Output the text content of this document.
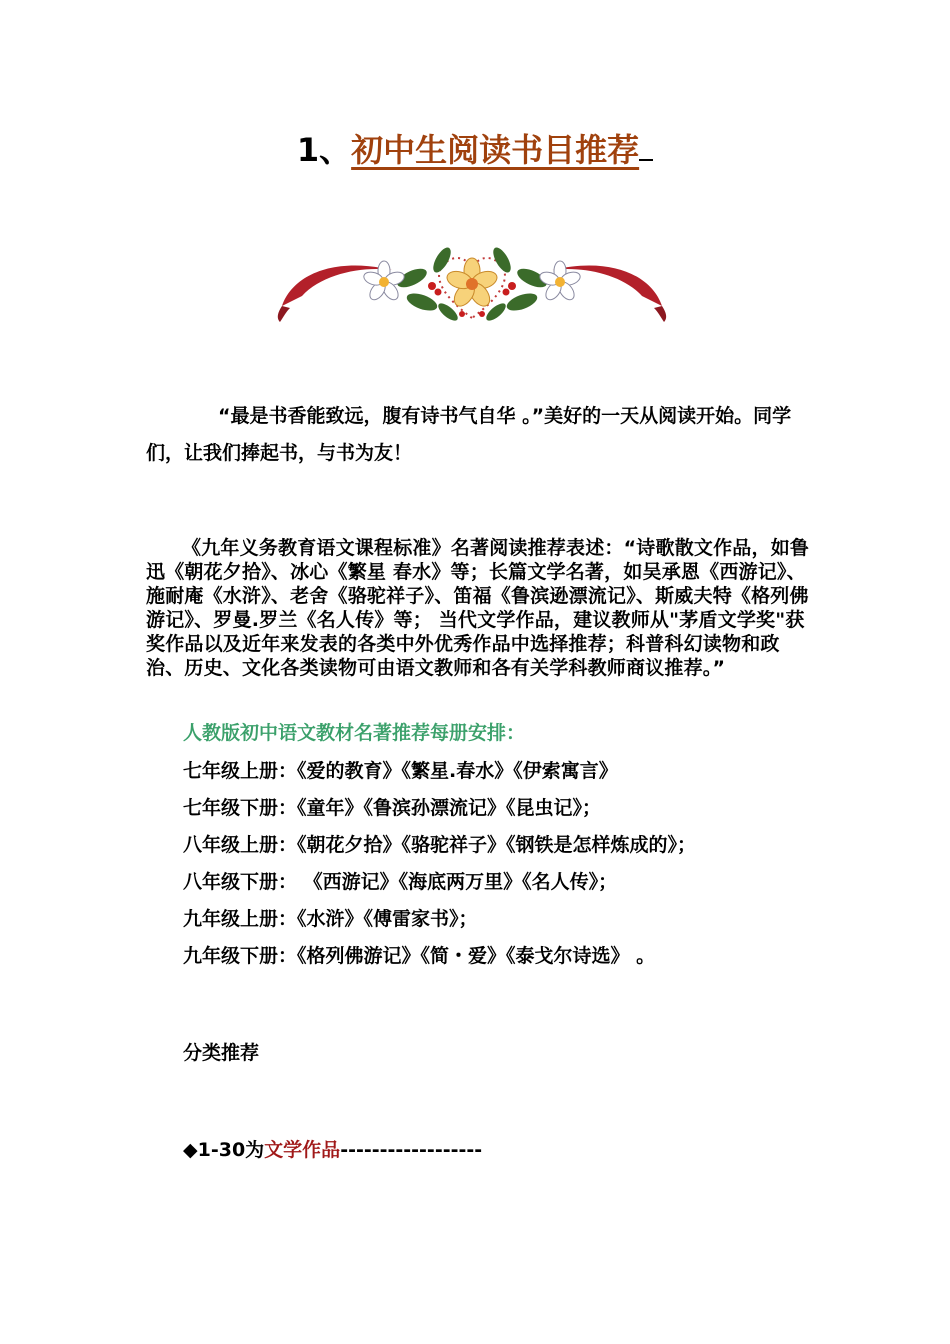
1、初中生阅读书目推荐
“最是书香能致远，腹有诗书气自华 。”美好的一天从阅读开始。同学们，让我们捧起书，与书为友！
《九年义务教育语文课程标准》名著阅读推荐表述：“诗歌散文作品，如鲁迅《朝花夕拾》、冰心《繁星 春水》等；长篇文学名著，如吴承恩《西游记》、施耐庵《水浒》、老舍《骆驼祥子》、笛福《鲁滨逊漂流记》、斯威夫特《格列佛游记》、罗曼.罗兰《名人传》等； 当代文学作品，建议教师从"茅盾文学奖"获奖作品以及近年来发表的各类中外优秀作品中选择推荐；科普科幻读物和政治、历史、文化各类读物可由语文教师和各有关学科教师商议推荐。”
人教版初中语文教材名著推荐每册安排：
七年级上册：《爱的教育》《繁星.春水》《伊索寓言》
七年级下册：《童年》《鲁滨孙漂流记》《昆虫记》；
八年级上册：《朝花夕拾》《骆驼祥子》《钢铁是怎样炼成的》；
八年级下册： 《西游记》《海底两万里》《名人传》；
九年级上册：《水浒》《傅雷家书》；
九年级下册：《格列佛游记》《简・爱》《泰戈尔诗选》 。
分类推荐
◆1-30为文学作品------------------
